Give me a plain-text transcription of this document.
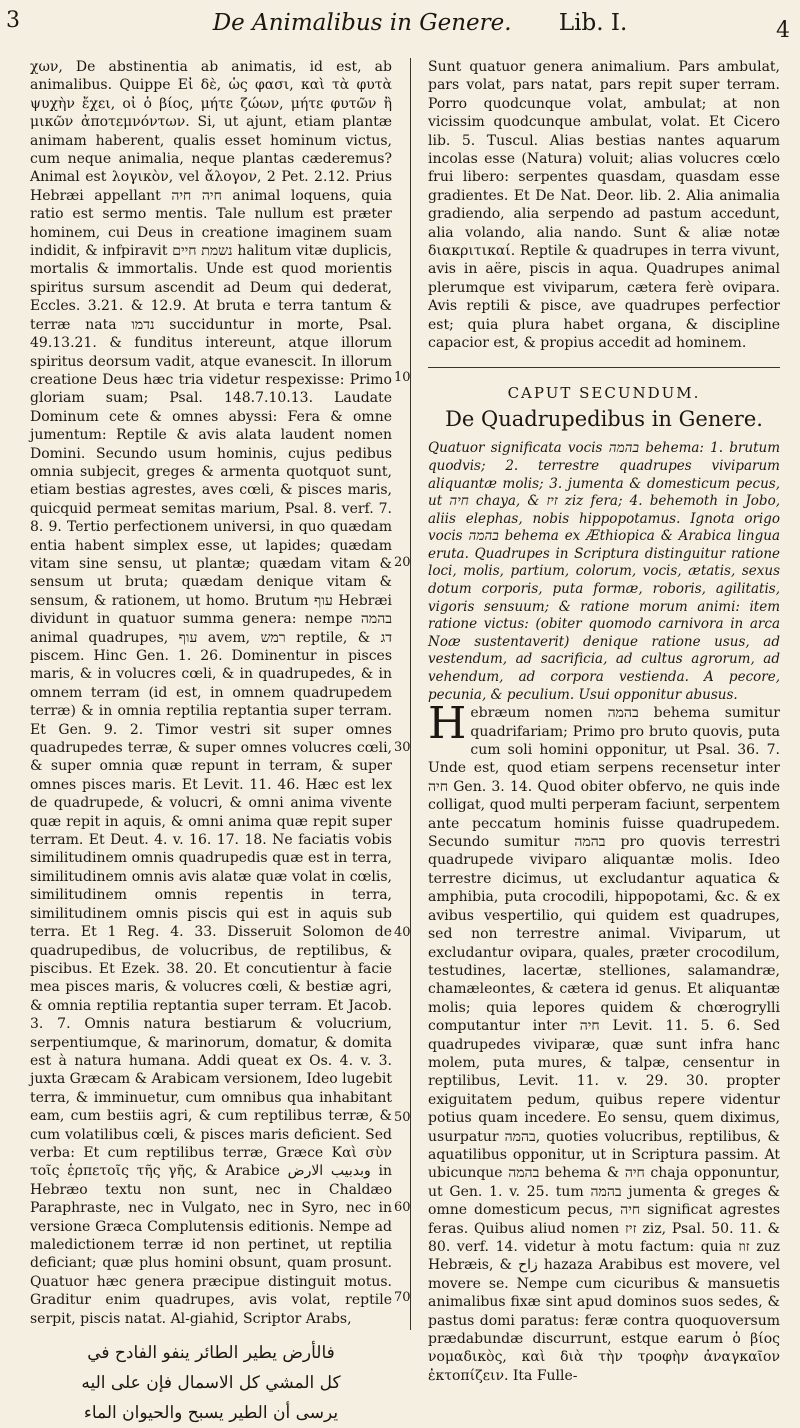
3	De Animalibus in Genere. Lib. I.	4
10
20
30
40
50
60
70

χων, De abstinentia ab animatis, id est, ab animalibus. Quippe Εἰ δὲ, ὡς φασι, καὶ τὰ φυτὰ ψυχὴν ἔχει, οἰ ὁ βίος, μήτε ζώων, μήτε φυτῶν ἢ μικῶν ἀποτεμνόντων. Si, ut ajunt, etiam plantæ animam haberent, qualis esset hominum victus, cum neque animalia, neque plantas cæderemus? Animal est λογικὸν, vel ἄλογον, 2 Pet. 2.12. Prius Hebræi appellant חיה חיה animal loquens, quia ratio est sermo mentis. Tale nullum est præter hominem, cui Deus in creatione imaginem suam indidit, & infpiravit נשמת חיים halitum vitæ duplicis, mortalis & immortalis. Unde est quod morientis spiritus sursum ascendit ad Deum qui dederat, Eccles. 3.21. & 12.9. At bruta e terra tantum & terræ nata נדמו succiduntur in morte, Psal. 49.13.21. & funditus intereunt, atque illorum spiritus deorsum vadit, atque evanescit. In illorum creatione Deus hæc tria videtur respexisse: Primo gloriam suam; Psal. 148.7.10.13. Laudate Dominum cete & omnes abyssi: Fera & omne jumentum: Reptile & avis alata laudent nomen Domini. Secundo usum hominis, cujus pedibus omnia subjecit, greges & armenta quotquot sunt, etiam bestias agrestes, aves cœli, & pisces maris, quicquid permeat semitas marium, Psal. 8. verf. 7. 8. 9. Tertio perfectionem universi, in quo quædam entia habent simplex esse, ut lapides; quædam vitam sine sensu, ut plantæ; quædam vitam & sensum ut bruta; quædam denique vitam & sensum, & rationem, ut homo. Brutum עוף Hebræi dividunt in quatuor summa genera: nempe בהמה animal quadrupes, עוף avem, רמש reptile, & דג piscem. Hinc Gen. 1. 26. Dominentur in pisces maris, & in volucres cœli, & in quadrupedes, & in omnem terram (id est, in omnem quadrupedem terræ) & in omnia reptilia reptantia super terram. Et Gen. 9. 2. Timor vestri sit super omnes quadrupedes terræ, & super omnes volucres cœli, & super omnia quæ repunt in terram, & super omnes pisces maris. Et Levit. 11. 46. Hæc est lex de quadrupede, & volucri, & omni anima vivente quæ repit in aquis, & omni anima quæ repit super terram. Et Deut. 4. v. 16. 17. 18. Ne faciatis vobis similitudinem omnis quadrupedis quæ est in terra, similitudinem omnis avis alatæ quæ volat in cœlis, similitudinem omnis repentis in terra, similitudinem omnis piscis qui est in aquis sub terra. Et 1 Reg. 4. 33. Disseruit Solomon de quadrupedibus, de volucribus, de reptilibus, & piscibus. Et Ezek. 38. 20. Et concutientur à facie mea pisces maris, & volucres cœli, & bestiæ agri, & omnia reptilia reptantia super terram. Et Jacob. 3. 7. Omnis natura bestiarum & volucrium, serpentiumque, & marinorum, domatur, & domita est à natura humana. Addi queat ex Os. 4. v. 3. juxta Græcam & Arabicam versionem, Ideo lugebit terra, & imminuetur, cum omnibus qua inhabitant eam, cum bestiis agri, & cum reptilibus terræ, & cum volatilibus cœli, & pisces maris deficient. Sed verba: Et cum reptilibus terræ, Græce Καὶ σὺν τοῖς ἑρπετοῖς τῆς γῆς, & Arabice وبدبيب الارض in Hebræo textu non sunt, nec in Chaldæo Paraphraste, nec in Vulgato, nec in Syro, nec in versione Græca Complutensis editionis. Nempe ad maledictionem terræ id non pertinet, ut reptilia deficiant; quæ plus homini obsunt, quam prosunt. Quatuor hæc genera præcipue distinguit motus. Graditur enim quadrupes, avis volat, reptile serpit, piscis natat. Al-giahid, Scriptor Arabs,

فالأرض يطير الطائر ينفو الفادح في
كل المشي كل الاسمال فإن على اليه
يرسى أن الطير يسبح والحيوان الماء

Sunt quatuor genera animalium. Pars ambulat, pars volat, pars natat, pars repit super terram. Porro quodcunque volat, ambulat; at non vicissim quodcunque ambulat, volat. Et Cicero lib. 5. Tuscul. Alias bestias nantes aquarum incolas esse (Natura) voluit; alias volucres cœlo frui libero: serpentes quasdam, quasdam esse gradientes. Et De Nat. Deor. lib. 2. Alia animalia gradiendo, alia serpendo ad pastum accedunt, alia volando, alia nando. Sunt & aliæ notæ διακριτικαί. Reptile & quadrupes in terra vivunt, avis in aëre, piscis in aqua. Quadrupes animal plerumque est viviparum, cætera ferè ovipara. Avis reptili & pisce, ave quadrupes perfectior est; quia plura habet organa, & discipline capacior est, & propius accedit ad hominem.

CAPUT SECUNDUM.
De Quadrupedibus in Genere.

Quatuor significata vocis בהמה behema: 1. brutum quodvis; 2. terrestre quadrupes viviparum aliquantæ molis; 3. jumenta & domesticum pecus, ut חיה chaya, & זיז ziz fera; 4. behemoth in Jobo, aliis elephas, nobis hippopotamus. Ignota origo vocis בהמה behema ex Æthiopica & Arabica lingua eruta. Quadrupes in Scriptura distinguitur ratione loci, molis, partium, colorum, vocis, ætatis, sexus dotum corporis, puta formæ, roboris, agilitatis, vigoris sensuum; & ratione morum animi: item ratione victus: (obiter quomodo carnivora in arca Noæ sustentaverit) denique ratione usus, ad vestendum, ad sacrificia, ad cultus agrorum, ad vehendum, ad corpora vestienda. A pecore, pecunia, & peculium. Usui opponitur abusus.

H ebræum nomen בהמה behema sumitur quadrifariam; Primo pro bruto quovis, puta cum soli homini opponitur, ut Psal. 36. 7. Unde est, quod etiam serpens recensetur inter חיה Gen. 3. 14. Quod obiter obfervo, ne quis inde colligat, quod multi perperam faciunt, serpentem ante peccatum hominis fuisse quadrupedem. Secundo sumitur בהמה pro quovis terrestri quadrupede viviparo aliquantæ molis. Ideo terrestre dicimus, ut excludantur aquatica & amphibia, puta crocodili, hippopotami, &c. & ex avibus vespertilio, qui quidem est quadrupes, sed non terrestre animal. Viviparum, ut excludantur ovipara, quales, præter crocodilum, testudines, lacertæ, stelliones, salamandræ, chamæleontes, & cætera id genus. Et aliquantæ molis; quia lepores quidem & chœrogrylli computantur inter חיה Levit. 11. 5. 6. Sed quadrupedes viviparæ, quæ sunt infra hanc molem, puta mures, & talpæ, censentur in reptilibus, Levit. 11. v. 29. 30. propter exiguitatem pedum, quibus repere videntur potius quam incedere. Eo sensu, quem diximus, usurpatur בהמה, quoties volucribus, reptilibus, & aquatilibus opponitur, ut in Scriptura passim. At ubicunque בהמה behema & חיה chaja opponuntur, ut Gen. 1. v. 25. tum בהמה jumenta & greges & omne domesticum pecus, חיה significat agrestes feras. Quibus aliud nomen זיז ziz, Psal. 50. 11. & 80. verf. 14. videtur à motu factum: quia זוז zuz Hebræis, & زاح hazaza Arabibus est movere, vel movere se. Nempe cum cicuribus & mansuetis animalibus fixæ sint apud dominos suos sedes, & pastus domi paratus: feræ contra quoquoversum prædabundæ discurrunt, estque earum ὁ βίος νομαδικὸς, καὶ διὰ τὴν τροφὴν ἀναγκαῖον ἐκτοπίζειν. Ita Fulle-
